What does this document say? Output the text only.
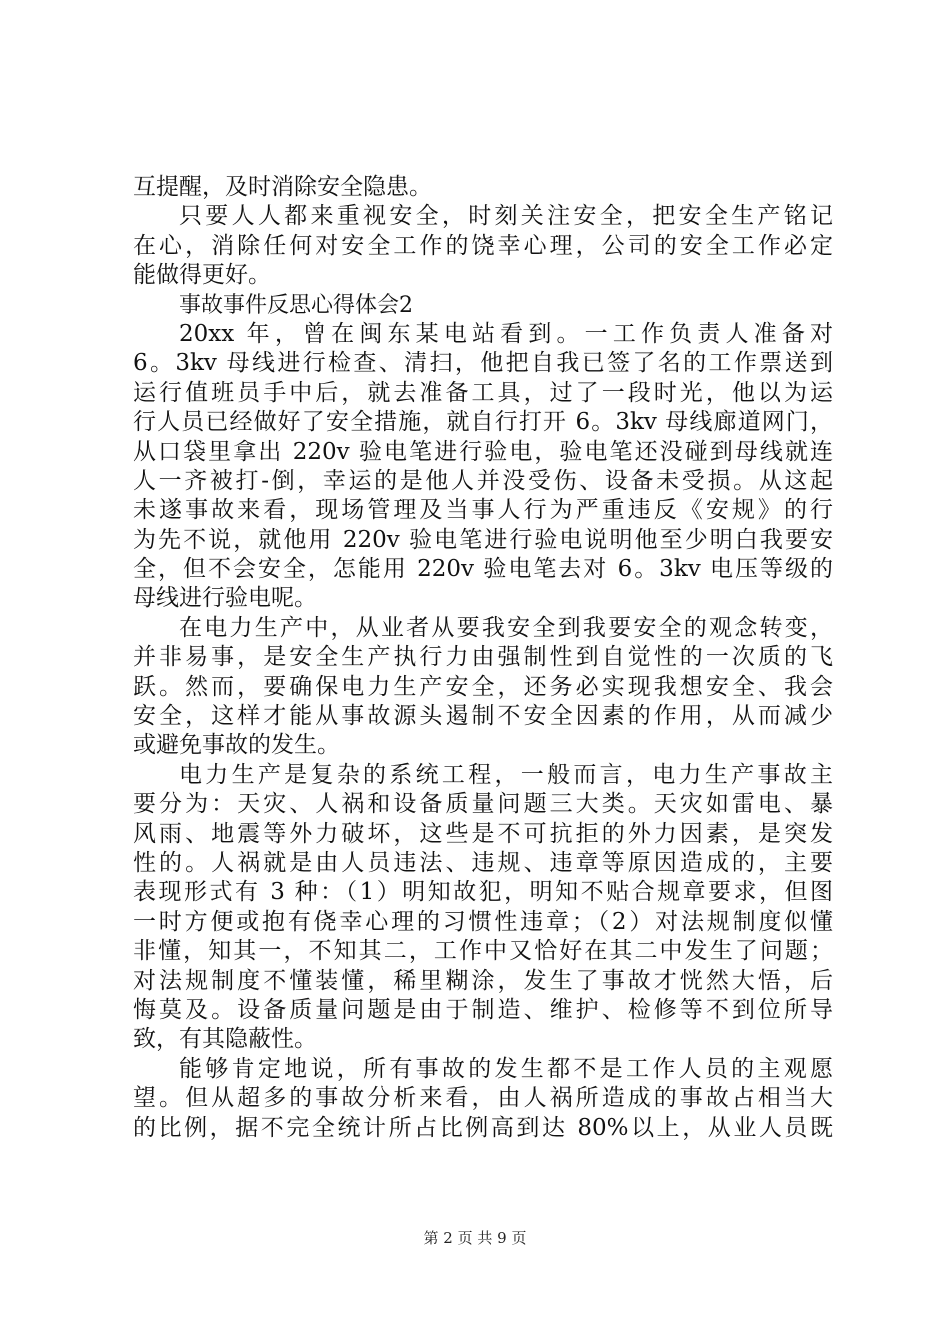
互提醒，及时消除安全隐患。
只要人人都来重视安全，时刻关注安全，把安全生产铭记
在心，消除任何对安全工作的饶幸心理，公司的安全工作必定
能做得更好。
事故事件反思心得体会2
20xx 年，曾在闽东某电站看到。一工作负责人准备对
6。3kv 母线进行检查、清扫，他把自我已签了名的工作票送到
运行值班员手中后，就去准备工具，过了一段时光，他以为运
行人员已经做好了安全措施，就自行打开 6。3kv 母线廊道网门，
从口袋里拿出 220v 验电笔进行验电，验电笔还没碰到母线就连
人一齐被打-倒，幸运的是他人并没受伤、设备未受损。从这起
未遂事故来看，现场管理及当事人行为严重违反《安规》的行
为先不说，就他用 220v 验电笔进行验电说明他至少明白我要安
全，但不会安全，怎能用 220v 验电笔去对 6。3kv 电压等级的
母线进行验电呢。
在电力生产中，从业者从要我安全到我要安全的观念转变，
并非易事，是安全生产执行力由强制性到自觉性的一次质的飞
跃。然而，要确保电力生产安全，还务必实现我想安全、我会
安全，这样才能从事故源头遏制不安全因素的作用，从而减少
或避免事故的发生。
电力生产是复杂的系统工程，一般而言，电力生产事故主
要分为：天灾、人祸和设备质量问题三大类。天灾如雷电、暴
风雨、地震等外力破坏，这些是不可抗拒的外力因素，是突发
性的。人祸就是由人员违法、违规、违章等原因造成的，主要
表现形式有 3 种：（1）明知故犯，明知不贴合规章要求，但图
一时方便或抱有侥幸心理的习惯性违章；（2）对法规制度似懂
非懂，知其一，不知其二，工作中又恰好在其二中发生了问题；
对法规制度不懂装懂，稀里糊涂，发生了事故才恍然大悟，后
悔莫及。设备质量问题是由于制造、维护、检修等不到位所导
致，有其隐蔽性。
能够肯定地说，所有事故的发生都不是工作人员的主观愿
望。但从超多的事故分析来看，由人祸所造成的事故占相当大
的比例，据不完全统计所占比例高到达 80%以上，从业人员既
第 2 页 共 9 页
